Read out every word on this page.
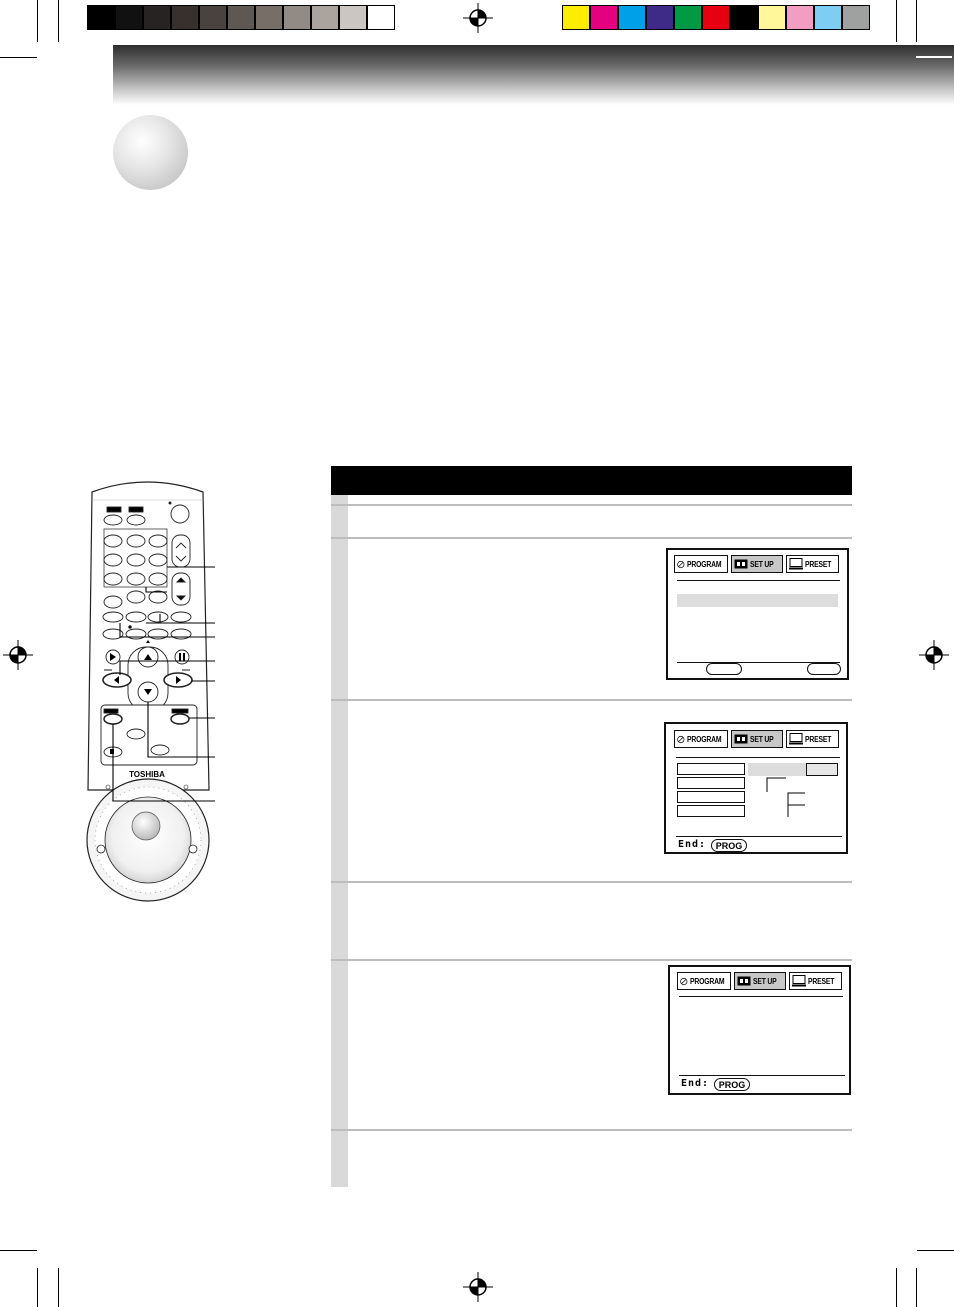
PROGRAM	SET UP	PRESET
PROGRAM	SET UP	PRESET
End:	PROG
PROGRAM	SET UP	PRESET
End:	PROG
TOSHIBA
